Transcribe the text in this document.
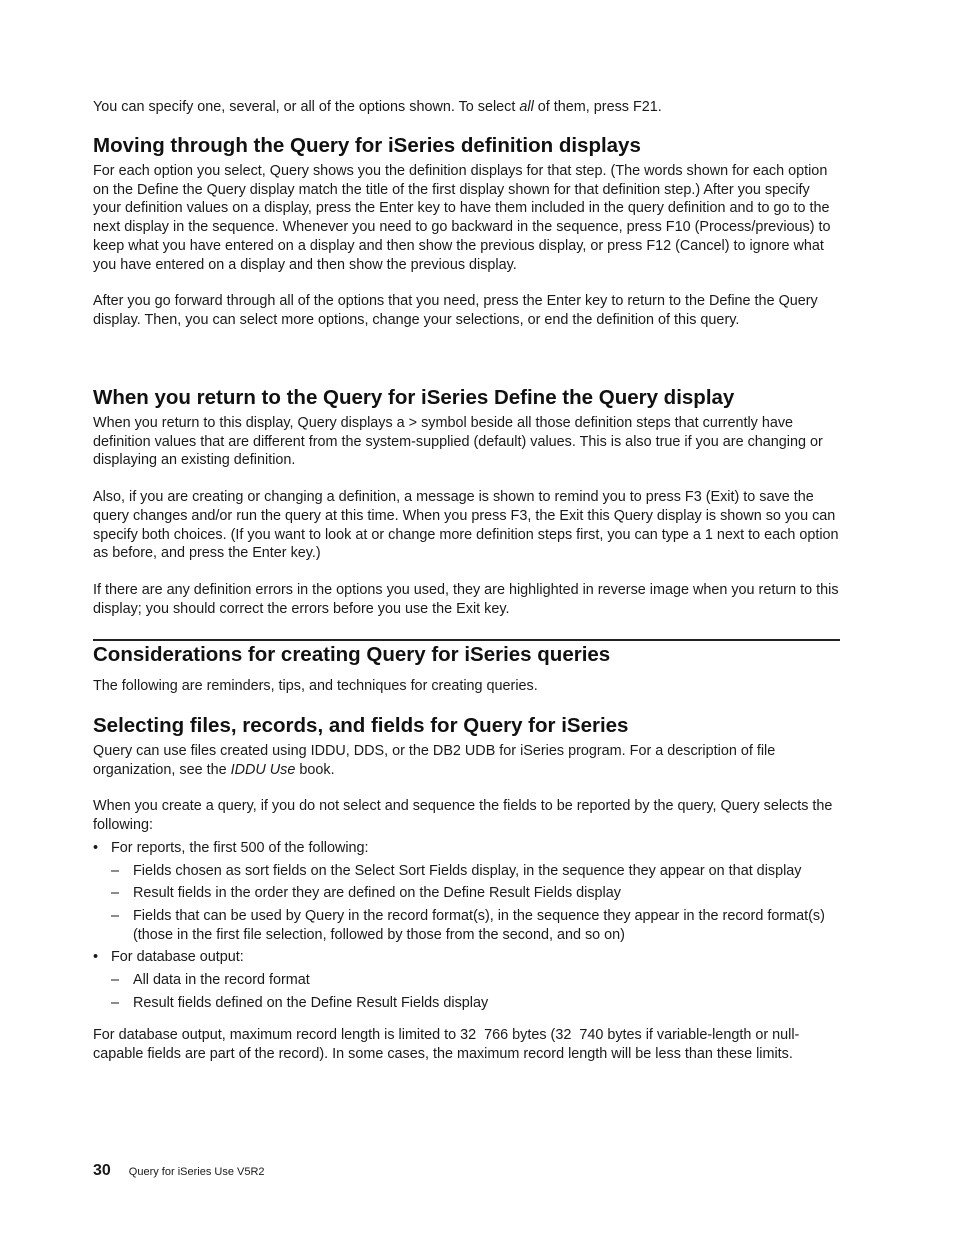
You can specify one, several, or all of the options shown. To select all of them, press F21.

Moving through the Query for iSeries definition displays

For each option you select, Query shows you the definition displays for that step. (The words shown for each option on the Define the Query display match the title of the first display shown for that definition step.) After you specify your definition values on a display, press the Enter key to have them included in the query definition and to go to the next display in the sequence. Whenever you need to go backward in the sequence, press F10 (Process/previous) to keep what you have entered on a display and then show the previous display, or press F12 (Cancel) to ignore what you have entered on a display and then show the previous display.

After you go forward through all of the options that you need, press the Enter key to return to the Define the Query display. Then, you can select more options, change your selections, or end the definition of this query.

When you return to the Query for iSeries Define the Query display

When you return to this display, Query displays a > symbol beside all those definition steps that currently have definition values that are different from the system-supplied (default) values. This is also true if you are changing or displaying an existing definition.

Also, if you are creating or changing a definition, a message is shown to remind you to press F3 (Exit) to save the query changes and/or run the query at this time. When you press F3, the Exit this Query display is shown so you can specify both choices. (If you want to look at or change more definition steps first, you can type a 1 next to each option as before, and press the Enter key.)

If there are any definition errors in the options you used, they are highlighted in reverse image when you return to this display; you should correct the errors before you use the Exit key.

Considerations for creating Query for iSeries queries

The following are reminders, tips, and techniques for creating queries.

Selecting files, records, and fields for Query for iSeries

Query can use files created using IDDU, DDS, or the DB2 UDB for iSeries program. For a description of file organization, see the IDDU Use book.

When you create a query, if you do not select and sequence the fields to be reported by the query, Query selects the following:

• For reports, the first 500 of the following:
– Fields chosen as sort fields on the Select Sort Fields display, in the sequence they appear on that display
– Result fields in the order they are defined on the Define Result Fields display
– Fields that can be used by Query in the record format(s), in the sequence they appear in the record format(s) (those in the first file selection, followed by those from the second, and so on)
• For database output:
– All data in the record format
– Result fields defined on the Define Result Fields display

For database output, maximum record length is limited to 32  766 bytes (32  740 bytes if variable-length or null-capable fields are part of the record). In some cases, the maximum record length will be less than these limits.

30 Query for iSeries Use V5R2
